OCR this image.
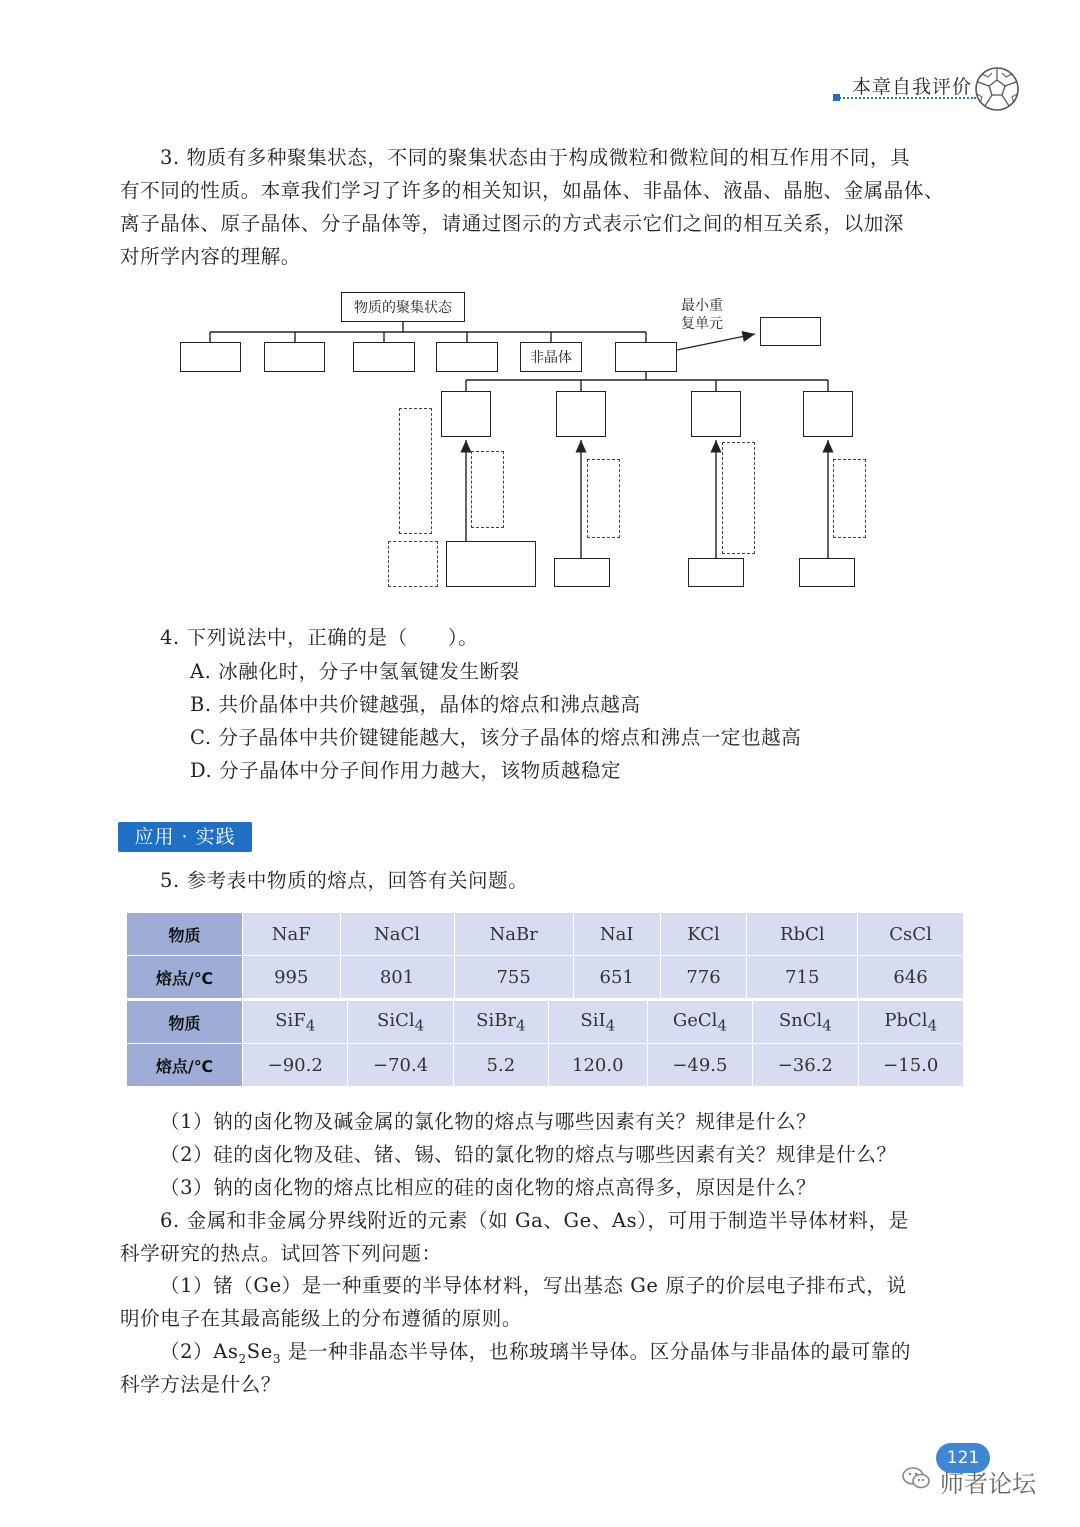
本章自我评价
3. 物质有多种聚集状态，不同的聚集状态由于构成微粒和微粒间的相互作用不同，具
有不同的性质。本章我们学习了许多的相关知识，如晶体、非晶体、液晶、晶胞、金属晶体、
离子晶体、原子晶体、分子晶体等，请通过图示的方式表示它们之间的相互关系，以加深
对所学内容的理解。
物质的聚集状态
非晶体
最小重
复单元
4. 下列说法中，正确的是（　　）。
A. 冰融化时，分子中氢氧键发生断裂
B. 共价晶体中共价键越强，晶体的熔点和沸点越高
C. 分子晶体中共价键键能越大，该分子晶体的熔点和沸点一定也越高
D. 分子晶体中分子间作用力越大，该物质越稳定
应用 · 实践
5. 参考表中物质的熔点，回答有关问题。
物质	NaF	NaCl	NaBr	NaI	KCl	RbCl	CsCl
熔点/℃	995	801	755	651	776	715	646
物质	SiF$_4$	SiCl$_4$	SiBr$_4$	SiI$_4$	GeCl$_4$	SnCl$_4$	PbCl$_4$
熔点/℃	−90.2	−70.4	5.2	120.0	−49.5	−36.2	−15.0
（1）钠的卤化物及碱金属的氯化物的熔点与哪些因素有关？规律是什么？
（2）硅的卤化物及硅、锗、锡、铅的氯化物的熔点与哪些因素有关？规律是什么？
（3）钠的卤化物的熔点比相应的硅的卤化物的熔点高得多，原因是什么？
6. 金属和非金属分界线附近的元素（如 Ga、Ge、As），可用于制造半导体材料，是
科学研究的热点。试回答下列问题：
（1）锗（Ge）是一种重要的半导体材料，写出基态 Ge 原子的价层电子排布式，说
明价电子在其最高能级上的分布遵循的原则。
$(2)As_2Se_3$ 是一种非晶态半导体，也称玻璃半导体。区分晶体与非晶体的最可靠的
科学方法是什么？
121
师者论坛
